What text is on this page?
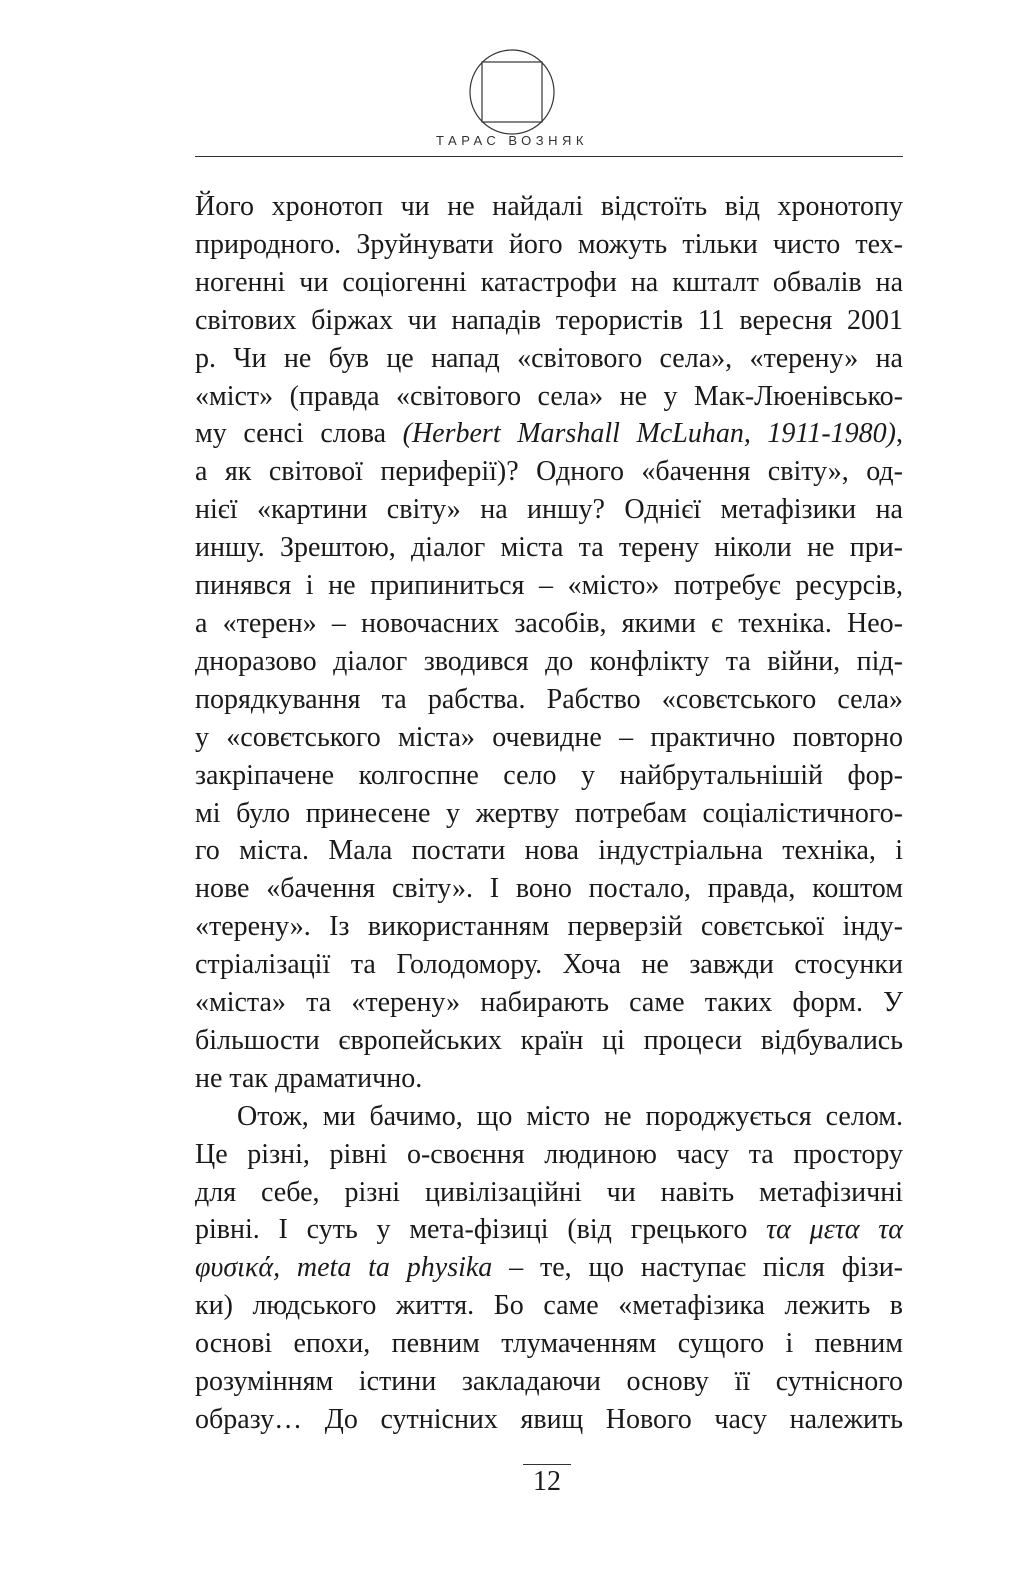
ТАРАС ВОЗНЯК

Його хронотоп чи не найдалі відстоїть від хронотопу
природного. Зруйнувати його можуть тільки чисто тех-
ногенні чи соціогенні катастрофи на кшталт обвалів на
світових біржах чи нападів терористів 11 вересня 2001
р. Чи не був це напад «світового села», «терену» на
«міст» (правда «світового села» не у Мак-Люенівсько-
му сенсі слова (Herbert Marshall McLuhan, 1911-1980),
а як світової периферії)? Одного «бачення світу», од-
нієї «картини світу» на иншу? Однієї метафізики на
иншу. Зрештою, діалог міста та терену ніколи не при-
пинявся і не припиниться – «місто» потребує ресурсів,
а «терен» – новочасних засобів, якими є техніка. Нео-
дноразово діалог зводився до конфлікту та війни, під-
порядкування та рабства. Рабство «совєтського села»
у «совєтського міста» очевидне – практично повторно
закріпачене колгоспне село у найбрутальнішій фор-
мі було принесене у жертву потребам соціалістичного-
го міста. Мала постати нова індустріальна техніка, і
нове «бачення світу». І воно постало, правда, коштом
«терену». Із використанням перверзій совєтської інду-
стріалізації та Голодомору. Хоча не завжди стосунки
«міста» та «терену» набирають саме таких форм. У
більшости європейських країн ці процеси відбувались
не так драматично.

Отож, ми бачимо, що місто не породжується селом.
Це різні, рівні о-своєння людиною часу та простору
для себе, різні цивілізаційні чи навіть метафізичні
рівні. І суть у мета-фізиці (від грецького τα μετα τα
φυσικά, meta ta physika – те, що наступає після фізи-
ки) людського життя. Бо саме «метафізика лежить в
основі епохи, певним тлумаченням сущого і певним
розумінням істини закладаючи основу її сутнісного
образу… До сутнісних явищ Нового часу належить

12
